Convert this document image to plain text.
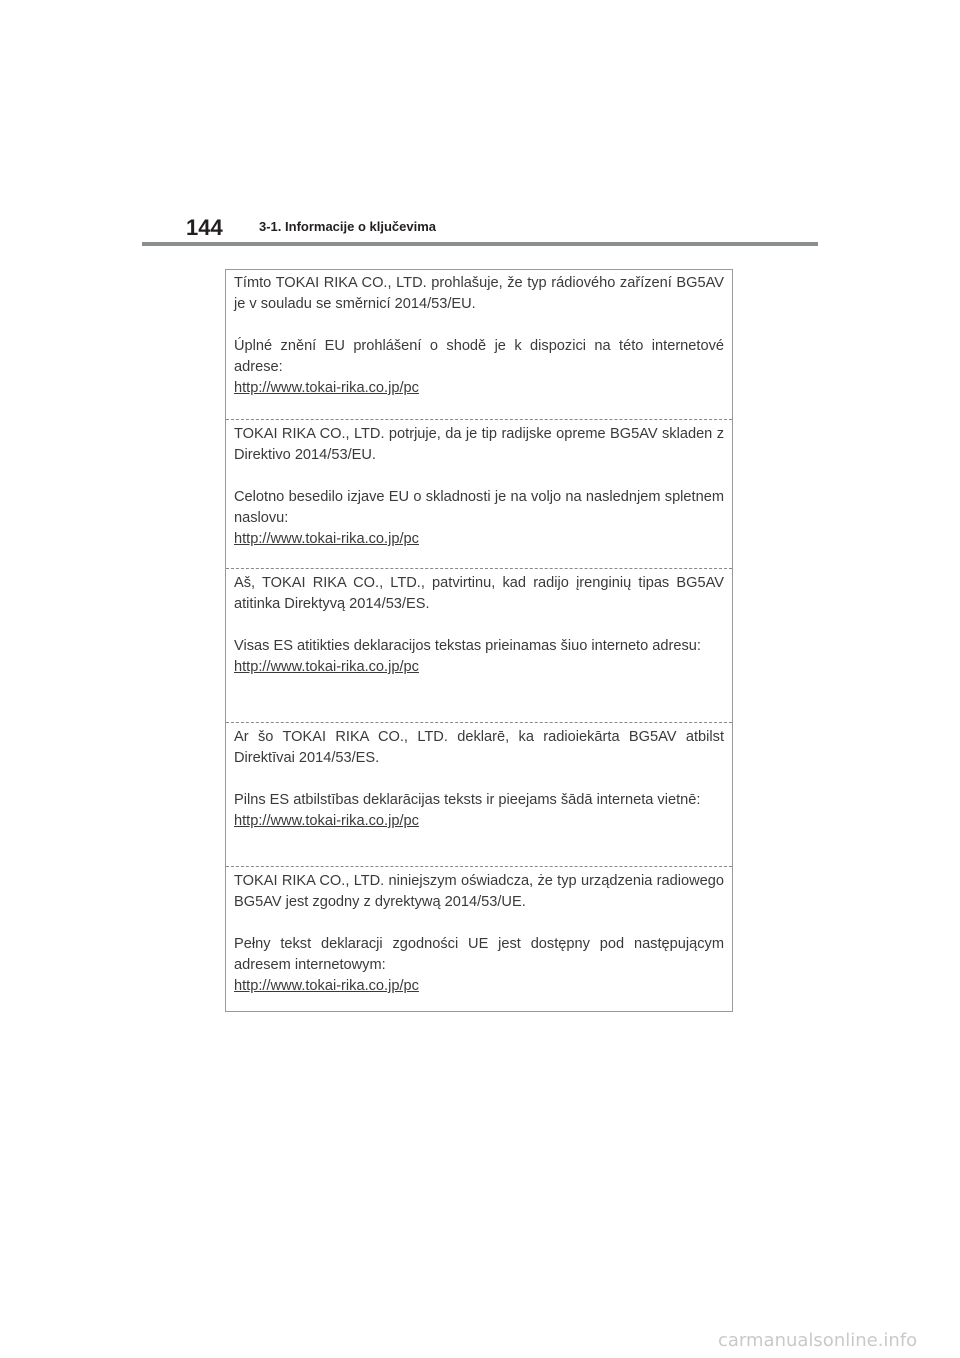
144	3-1. Informacije o ključevima

Tímto TOKAI RIKA CO., LTD. prohlašuje, že typ rádiového zařízení BG5AV je v souladu se směrnicí 2014/53/EU.

Úplné znění EU prohlášení o shodě je k dispozici na této internetové adrese:

http://www.tokai-rika.co.jp/pc

TOKAI RIKA CO., LTD. potrjuje, da je tip radijske opreme BG5AV skladen z Direktivo 2014/53/EU.

Celotno besedilo izjave EU o skladnosti je na voljo na naslednjem spletnem naslovu:

http://www.tokai-rika.co.jp/pc

Aš, TOKAI RIKA CO., LTD., patvirtinu, kad radijo įrenginių tipas BG5AV atitinka Direktyvą 2014/53/ES.

Visas ES atitikties deklaracijos tekstas prieinamas šiuo interneto adresu:

http://www.tokai-rika.co.jp/pc

Ar šo TOKAI RIKA CO., LTD. deklarē, ka radioiekārta BG5AV atbilst Direktīvai 2014/53/ES.

Pilns ES atbilstības deklarācijas teksts ir pieejams šādā interneta vietnē:

http://www.tokai-rika.co.jp/pc

TOKAI RIKA CO., LTD. niniejszym oświadcza, że typ urządzenia radiowego BG5AV jest zgodny z dyrektywą 2014/53/UE.

Pełny tekst deklaracji zgodności UE jest dostępny pod następującym adresem internetowym:

http://www.tokai-rika.co.jp/pc
carmanualsonline.info
